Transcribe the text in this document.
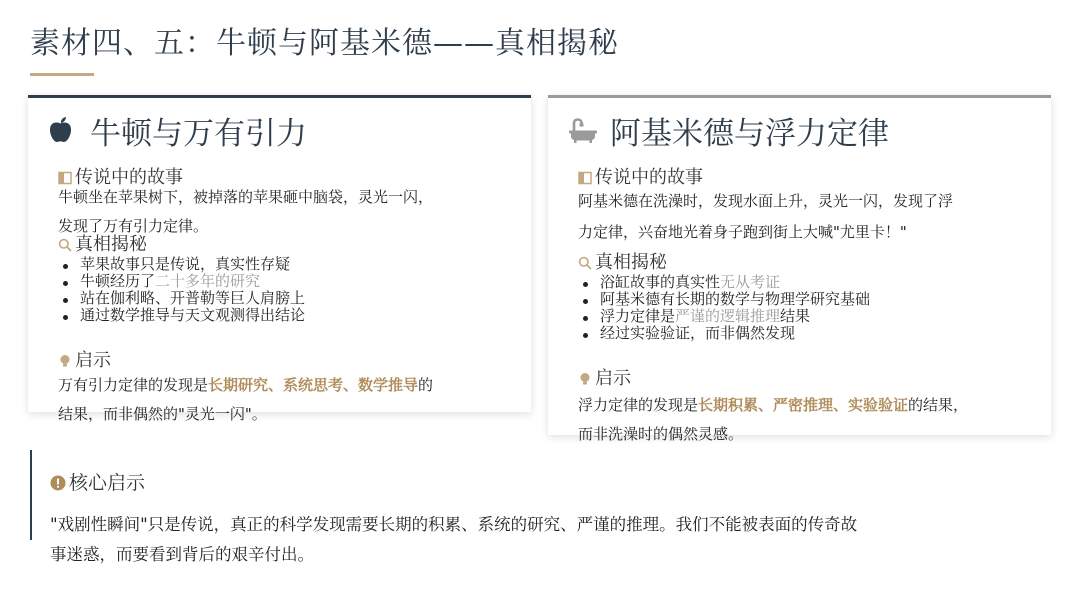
素材四、五：牛顿与阿基米德——真相揭秘
牛顿与万有引力
传说中的故事
牛顿坐在苹果树下，被掉落的苹果砸中脑袋，灵光一闪，
发现了万有引力定律。
真相揭秘
苹果故事只是传说，真实性存疑
牛顿经历了二十多年的研究
站在伽利略、开普勒等巨人肩膀上
通过数学推导与天文观测得出结论
启示
万有引力定律的发现是长期研究、系统思考、数学推导的
结果，而非偶然的"灵光一闪"。
阿基米德与浮力定律
传说中的故事
阿基米德在洗澡时，发现水面上升，灵光一闪，发现了浮
力定律，兴奋地光着身子跑到街上大喊"尤里卡！"
真相揭秘
浴缸故事的真实性无从考证
阿基米德有长期的数学与物理学研究基础
浮力定律是严谨的逻辑推理结果
经过实验验证，而非偶然发现
启示
浮力定律的发现是长期积累、严密推理、实验验证的结果，
而非洗澡时的偶然灵感。
核心启示
"戏剧性瞬间"只是传说，真正的科学发现需要长期的积累、系统的研究、严谨的推理。我们不能被表面的传奇故
事迷惑，而要看到背后的艰辛付出。
